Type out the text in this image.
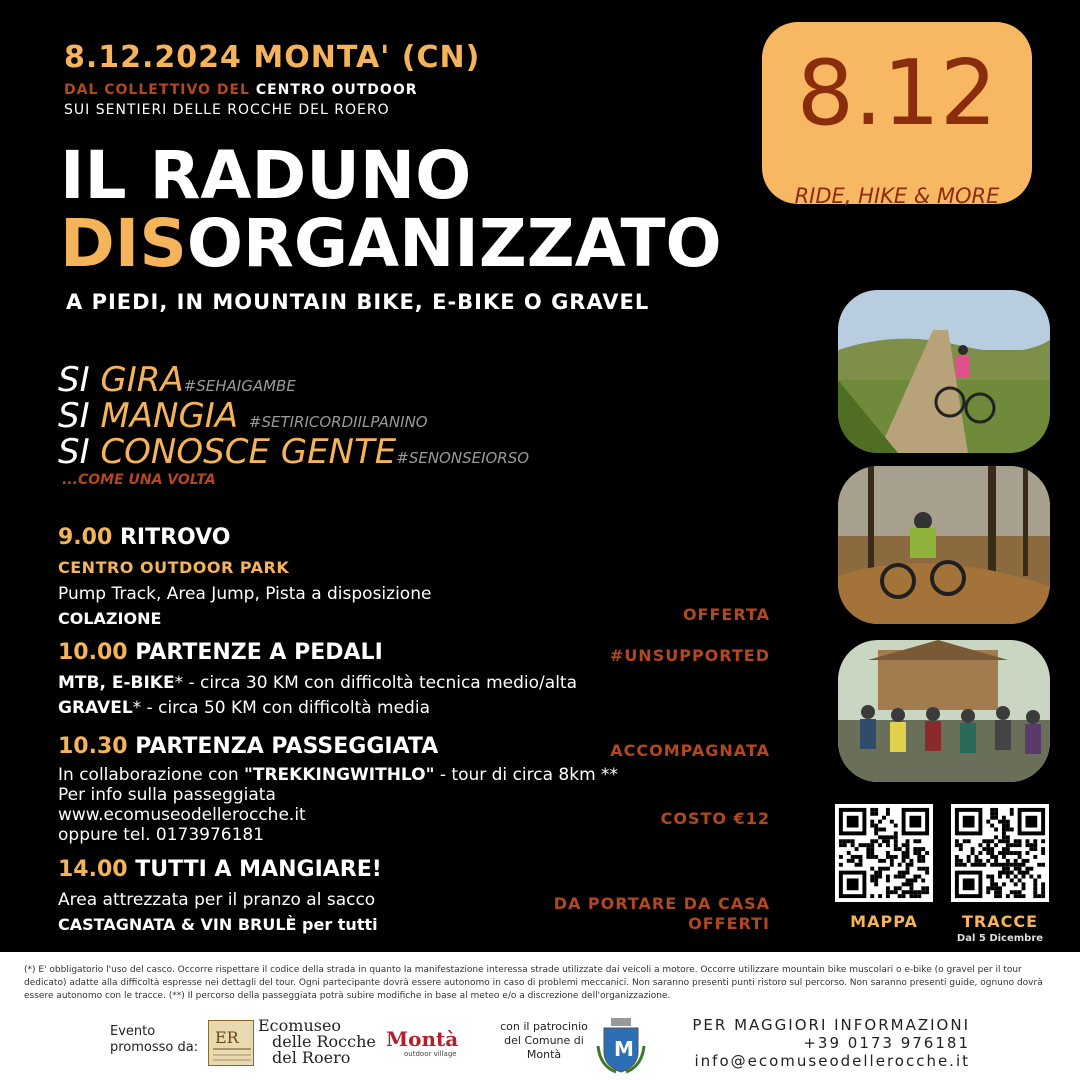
8.12.2024 MONTA' (CN)
DAL COLLETTIVO DEL CENTRO OUTDOOR
SUI SENTIERI DELLE ROCCHE DEL ROERO
IL RADUNO
DISORGANIZZATO
A PIEDI, IN MOUNTAIN BIKE, E-BIKE O GRAVEL
8.12
RIDE, HIKE & MORE
SI GIRA#SEHAIGAMBE
SI MANGIA #SETIRICORDIILPANINO
SI CONOSCE GENTE#SENONSEIORSO
...COME UNA VOLTA
9.00 RITROVO
CENTRO OUTDOOR PARK
Pump Track, Area Jump, Pista a disposizione
COLAZIONE	OFFERTA
10.00 PARTENZE A PEDALI	#UNSUPPORTED
MTB, E-BIKE* - circa 30 KM con difficoltà tecnica medio/alta
GRAVEL* - circa 50 KM con difficoltà media
10.30 PARTENZA PASSEGGIATA	ACCOMPAGNATA
In collaborazione con "TREKKINGWITHLO" - tour di circa 8km **
Per info sulla passeggiata
www.ecomuseodellerocche.it
oppure tel. 0173976181
COSTO €12
14.00 TUTTI A MANGIARE!
Area attrezzata per il pranzo al sacco
CASTAGNATA & VIN BRULÈ per tutti
DA PORTARE DA CASA
OFFERTI	MAPPA	TRACCE
Dal 5 Dicembre
(*) E' obbligatorio l'uso del casco. Occorre rispettare il codice della strada in quanto la manifestazione interessa strade utilizzate dai veicoli a motore. Occorre utilizzare mountain bike muscolari o e-bike (o gravel per il tour dedicato) adatte alla difficoltà espresse nei dettagli del tour. Ogni partecipante dovrà essere autonomo in caso di problemi meccanici. Non saranno presenti punti ristoro sul percorso. Non saranno presenti guide, ognuno dovrà essere autonomo con le tracce. (**) Il percorso della passeggiata potrà subire modifiche in base al meteo e/o a discrezione dell'organizzazione.
Evento
promosso da:
ER
Ecomuseo
delle Rocche
del Roero
Montà
outdoor village
con il patrocinio
del Comune di
Montà	M
PER MAGGIORI INFORMAZIONI
+39 0173 976181
info@ecomuseodellerocche.it
